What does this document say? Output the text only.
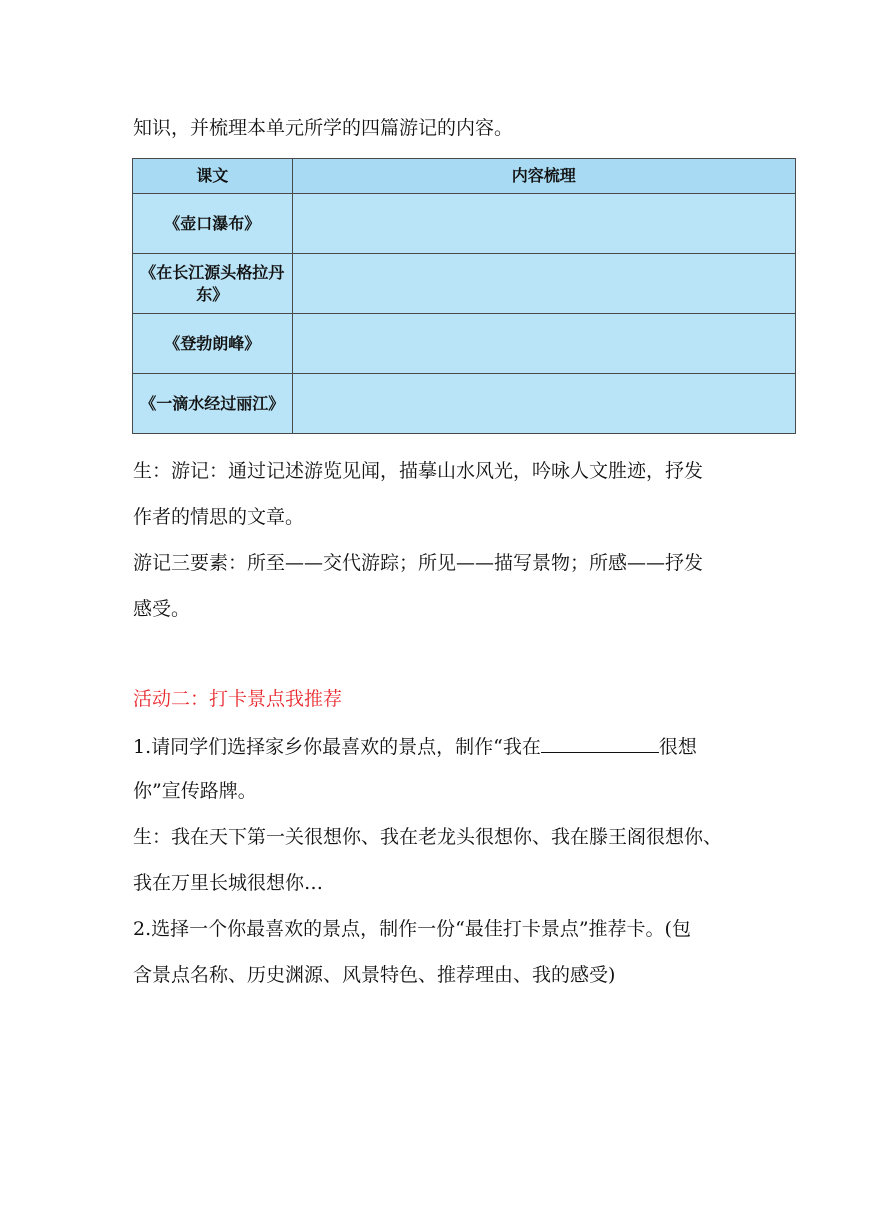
知识，并梳理本单元所学的四篇游记的内容。

课文	内容梳理
《壶口瀑布》	
《在长江源头格拉丹东》	
《登勃朗峰》	
《一滴水经过丽江》	

生：游记：通过记述游览见闻，描摹山水风光，吟咏人文胜迹，抒发

作者的情思的文章。

游记三要素：所至——交代游踪；所见——描写景物；所感——抒发

感受。

活动二：打卡景点我推荐

1.请同学们选择家乡你最喜欢的景点，制作“我在	很想

你”宣传路牌。

生：我在天下第一关很想你、我在老龙头很想你、我在滕王阁很想你、

我在万里长城很想你…

2.选择一个你最喜欢的景点，制作一份“最佳打卡景点”推荐卡。(包

含景点名称、历史渊源、风景特色、推荐理由、我的感受)
